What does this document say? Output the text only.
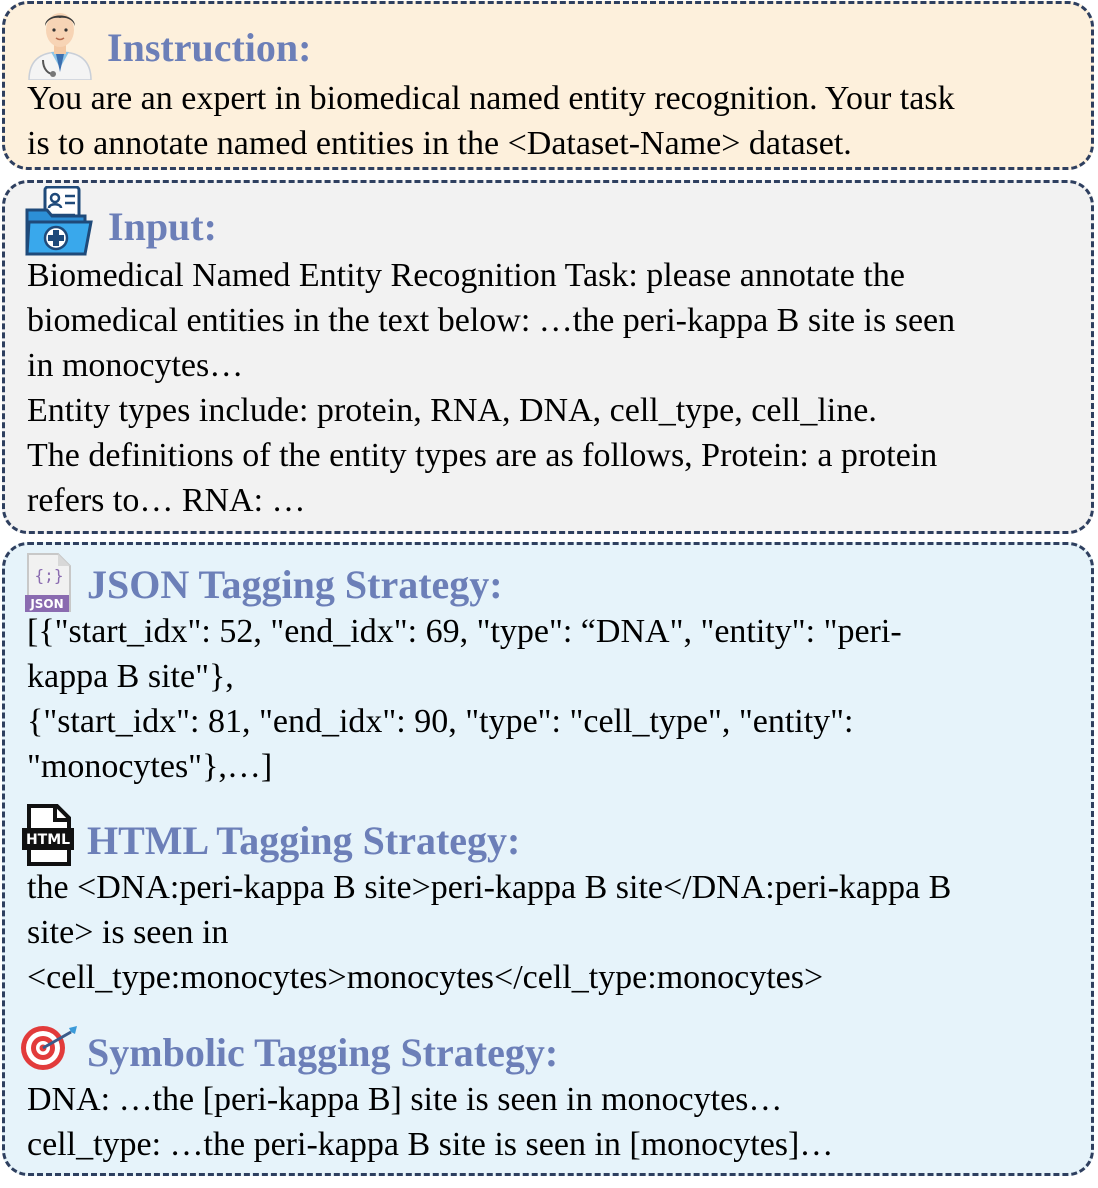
Instruction:
You are an expert in biomedical named entity recognition. Your task
is to annotate named entities in the <Dataset-Name> dataset.
Input:
Biomedical Named Entity Recognition Task: please annotate the
biomedical entities in the text below: …the peri-kappa B site is seen
in monocytes…
Entity types include: protein, RNA, DNA, cell_type, cell_line.
The definitions of the entity types are as follows, Protein: a protein
refers to… RNA: …
{;}
JSON JSON Tagging Strategy:
[{"start_idx": 52, "end_idx": 69, "type": “DNA", "entity": "peri-
kappa B site"},
{"start_idx": 81, "end_idx": 90, "type": "cell_type", "entity":
"monocytes"},…]
HTML HTML Tagging Strategy:
the <DNA:peri-kappa B site>peri-kappa B site</DNA:peri-kappa B
site> is seen in
<cell_type:monocytes>monocytes</cell_type:monocytes>
Symbolic Tagging Strategy:
DNA: …the [peri-kappa B] site is seen in monocytes…
cell_type: …the peri-kappa B site is seen in [monocytes]…
